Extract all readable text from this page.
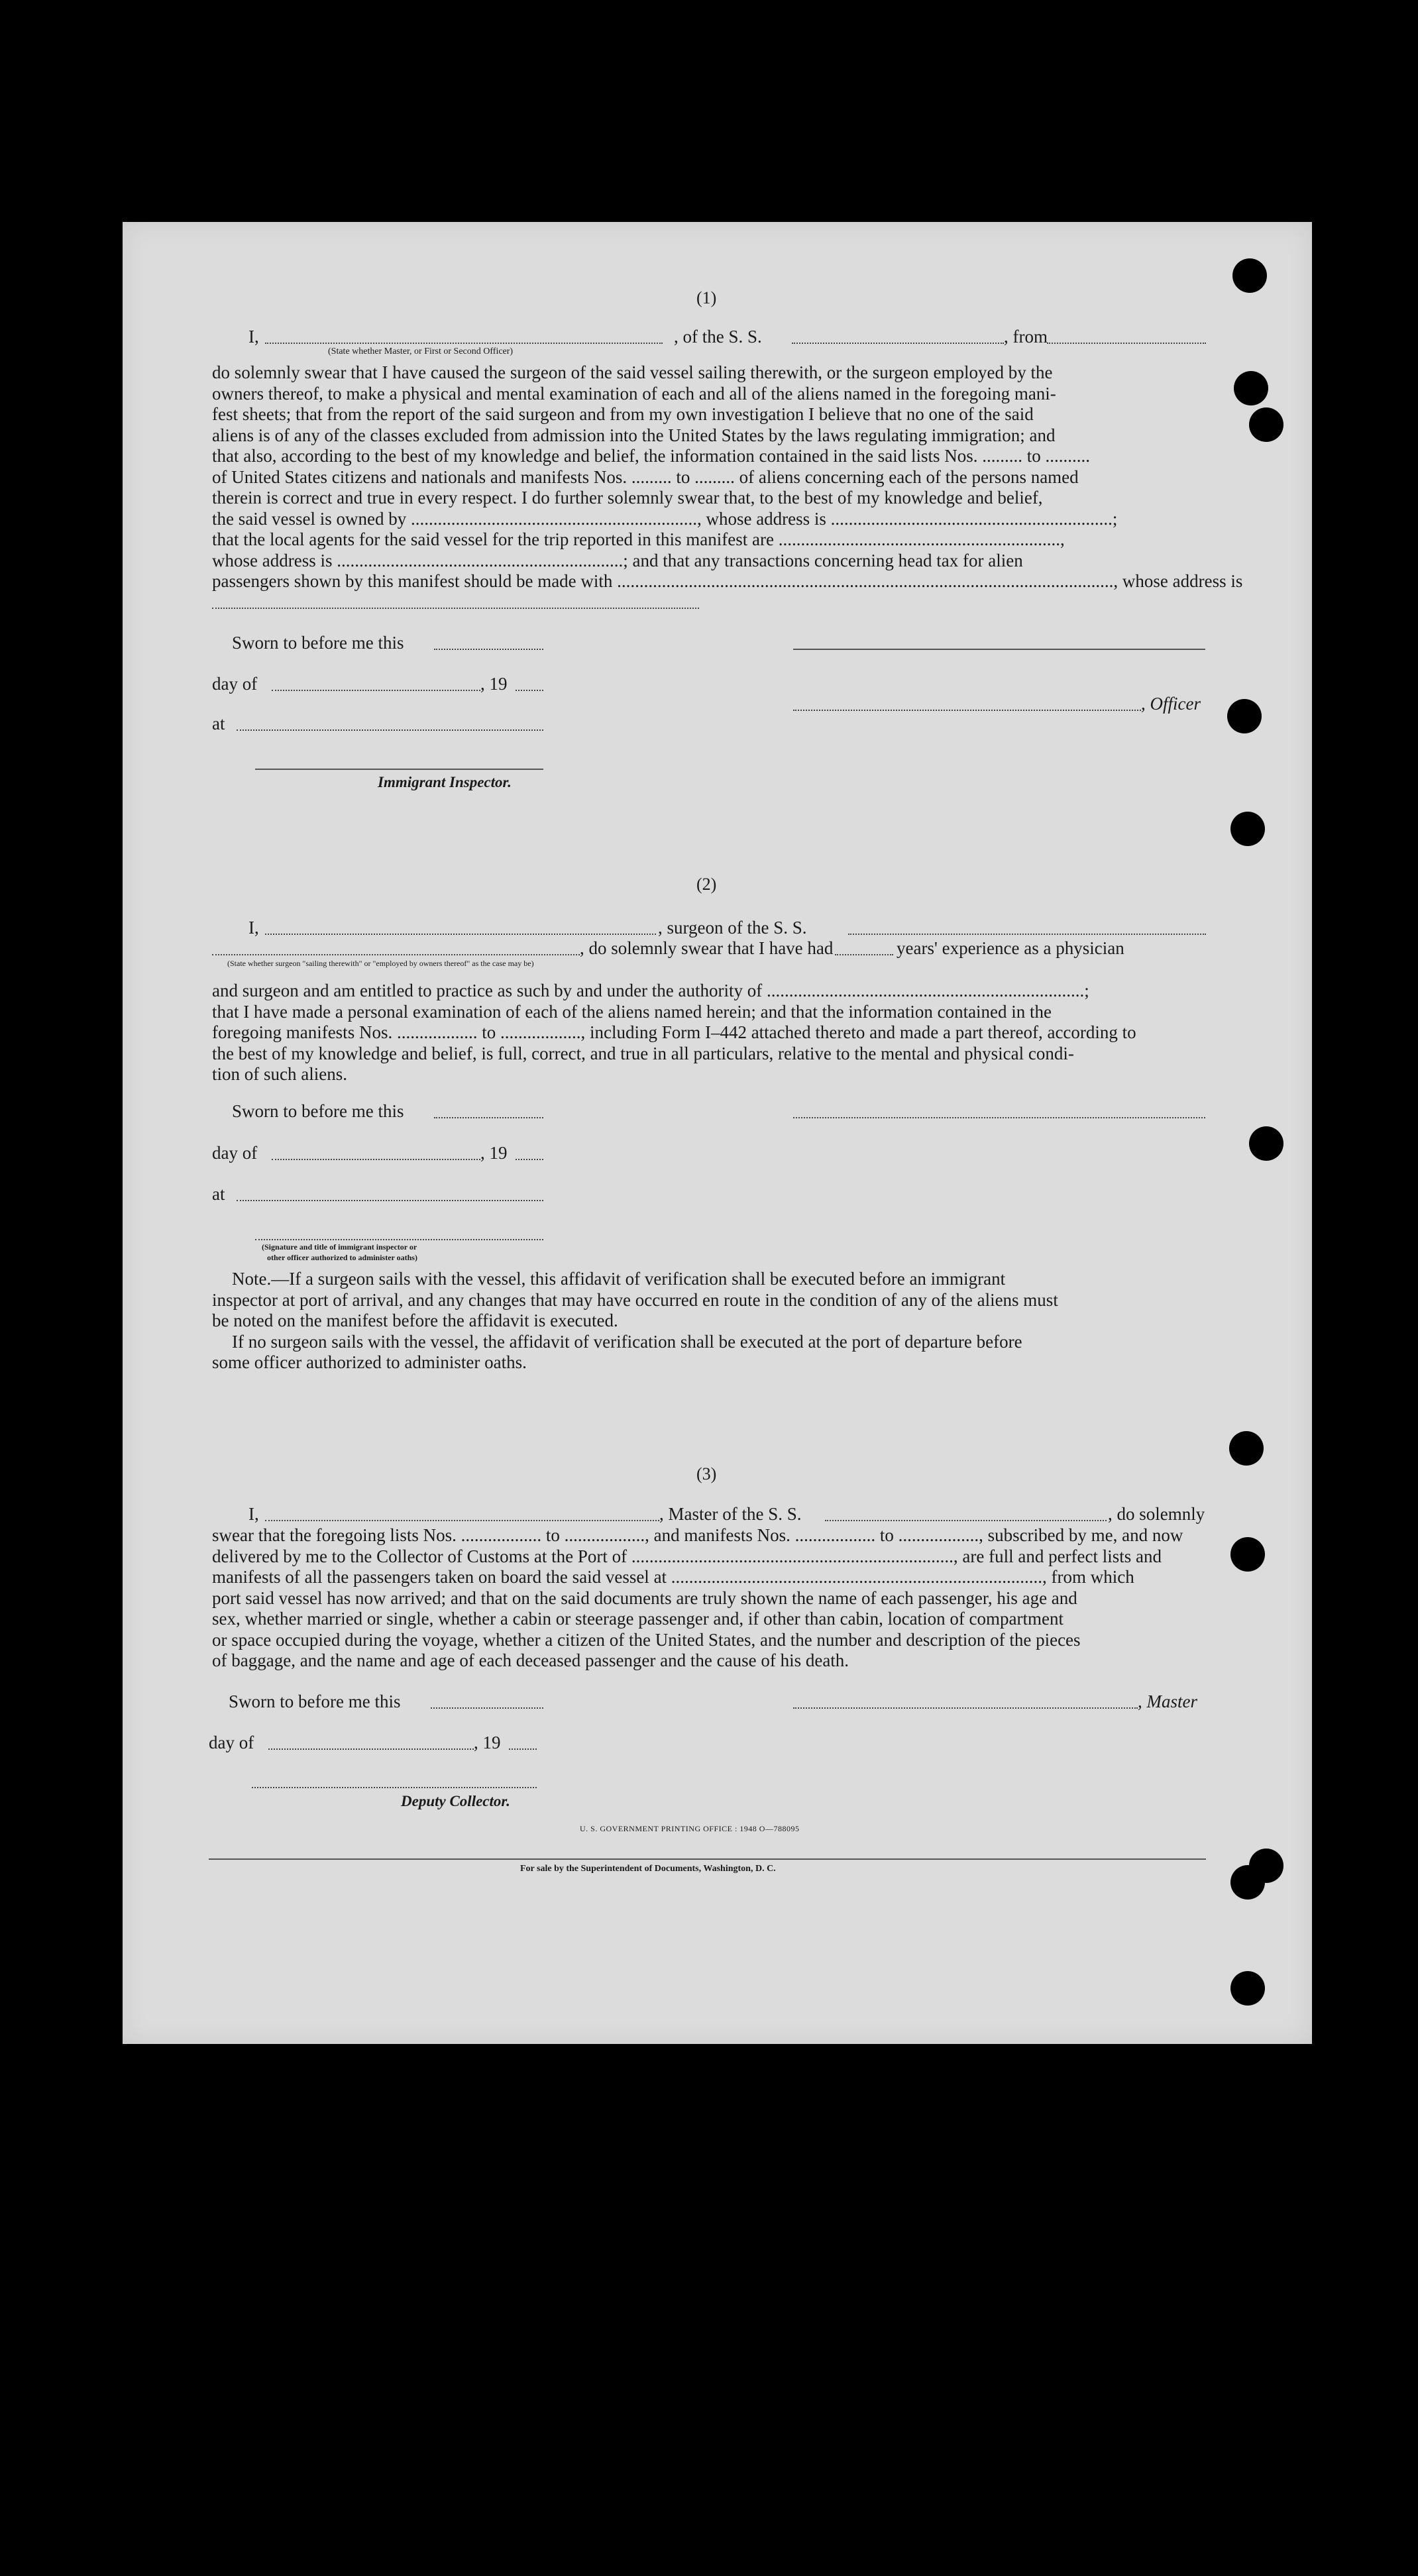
(1)
I,
(State whether Master, or First or Second Officer)
, of the S. S.	, from
do solemnly swear that I have caused the surgeon of the said vessel sailing therewith, or the surgeon employed by the
owners thereof, to make a physical and mental examination of each and all of the aliens named in the foregoing mani-
fest sheets; that from the report of the said surgeon and from my own investigation I believe that no one of the said
aliens is of any of the classes excluded from admission into the United States by the laws regulating immigration; and
that also, according to the best of my knowledge and belief, the information contained in the said lists Nos. ......... to ..........
of United States citizens and nationals and manifests Nos. ......... to ......... of aliens concerning each of the persons named
therein is correct and true in every respect. I do further solemnly swear that, to the best of my knowledge and belief,
the said vessel is owned by ................................................................, whose address is ...............................................................;
that the local agents for the said vessel for the trip reported in this manifest are ...............................................................,
whose address is ................................................................; and that any transactions concerning head tax for alien
passengers shown by this manifest should be made with ..............................................................................................................., whose address is
Sworn to before me this
day of	, 19
, Officer
at
Immigrant Inspector.
(2)
I,	, surgeon of the S. S.
, do solemnly swear that I have had	years' experience as a physician
(State whether surgeon "sailing therewith" or "employed by owners thereof" as the case may be)
and surgeon and am entitled to practice as such by and under the authority of .......................................................................;
that I have made a personal examination of each of the aliens named herein; and that the information contained in the
foregoing manifests Nos. .................. to .................., including Form I–442 attached thereto and made a part thereof, according to
the best of my knowledge and belief, is full, correct, and true in all particulars, relative to the mental and physical condi-
tion of such aliens.
Sworn to before me this
day of	, 19
at
(Signature and title of immigrant inspector or
other officer authorized to administer oaths)
Note.—If a surgeon sails with the vessel, this affidavit of verification shall be executed before an immigrant
inspector at port of arrival, and any changes that may have occurred en route in the condition of any of the aliens must
be noted on the manifest before the affidavit is executed.
If no surgeon sails with the vessel, the affidavit of verification shall be executed at the port of departure before
some officer authorized to administer oaths.
(3)
I,	, Master of the S. S.	, do solemnly
swear that the foregoing lists Nos. .................. to .................., and manifests Nos. .................. to .................., subscribed by me, and now
delivered by me to the Collector of Customs at the Port of ........................................................................, are full and perfect lists and
manifests of all the passengers taken on board the said vessel at ..................................................................................., from which
port said vessel has now arrived; and that on the said documents are truly shown the name of each passenger, his age and
sex, whether married or single, whether a cabin or steerage passenger and, if other than cabin, location of compartment
or space occupied during the voyage, whether a citizen of the United States, and the number and description of the pieces
of baggage, and the name and age of each deceased passenger and the cause of his death.
Sworn to before me this	, Master
day of	, 19
Deputy Collector.
U. S. GOVERNMENT PRINTING OFFICE : 1948 O—788095
For sale by the Superintendent of Documents, Washington, D. C.
